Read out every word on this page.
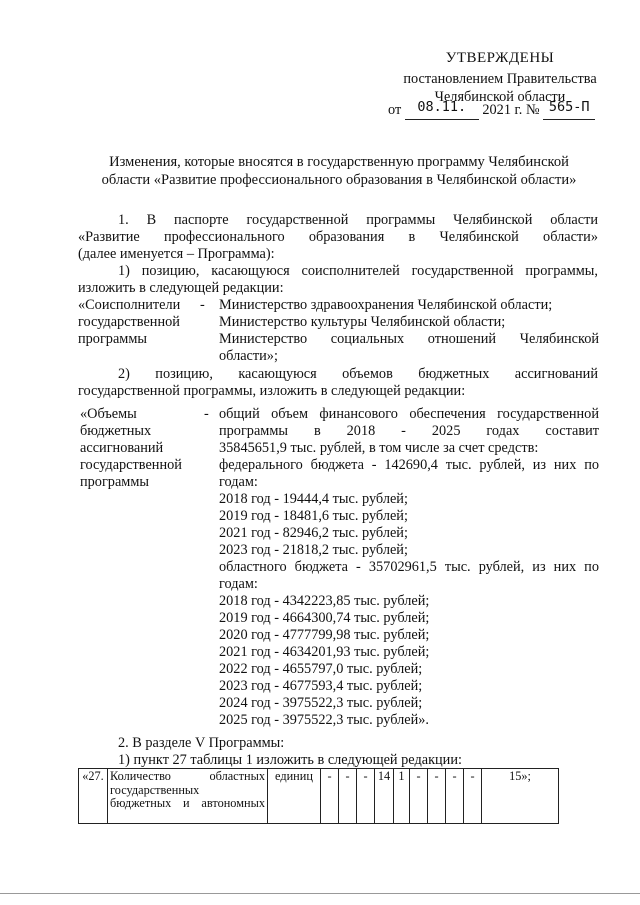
УТВЕРЖДЕНЫ
постановлением Правительства
Челябинской области
от 08.11. 2021 г. № 565-П
Изменения, которые вносятся в государственную программу Челябинской
области «Развитие профессионального образования в Челябинской области»
1. В паспорте государственной программы Челябинской области
«Развитие профессионального образования в Челябинской области»
(далее именуется – Программа):
1) позицию, касающуюся соисполнителей государственной программы,
изложить в следующей редакции:
«Соисполнители -
государственной
программы
Министерство здравоохранения Челябинской области;
Министерство культуры Челябинской области;
Министерство социальных отношений Челябинской
области»;
2) позицию, касающуюся объемов бюджетных ассигнований
государственной программы, изложить в следующей редакции:
«Объемы	-
бюджетных
ассигнований
государственной
программы
общий объем финансового обеспечения государственной
программы в 2018 - 2025 годах составит
35845651,9 тыс. рублей, в том числе за счет средств:
федерального бюджета - 142690,4 тыс. рублей, из них по
годам:
2018 год - 19444,4 тыс. рублей;
2019 год - 18481,6 тыс. рублей;
2021 год - 82946,2 тыс. рублей;
2023 год - 21818,2 тыс. рублей;
областного бюджета - 35702961,5 тыс. рублей, из них по
годам:
2018 год - 4342223,85 тыс. рублей;
2019 год - 4664300,74 тыс. рублей;
2020 год - 4777799,98 тыс. рублей;
2021 год - 4634201,93 тыс. рублей;
2022 год - 4655797,0 тыс. рублей;
2023 год - 4677593,4 тыс. рублей;
2024 год - 3975522,3 тыс. рублей;
2025 год - 3975522,3 тыс. рублей».
2. В разделе V Программы:
1) пункт 27 таблицы 1 изложить в следующей редакции:
«27.	Количество областных
государственных
бюджетных и автономных
	единиц	-	-	-	14	1	-	-	-	-	15»;
